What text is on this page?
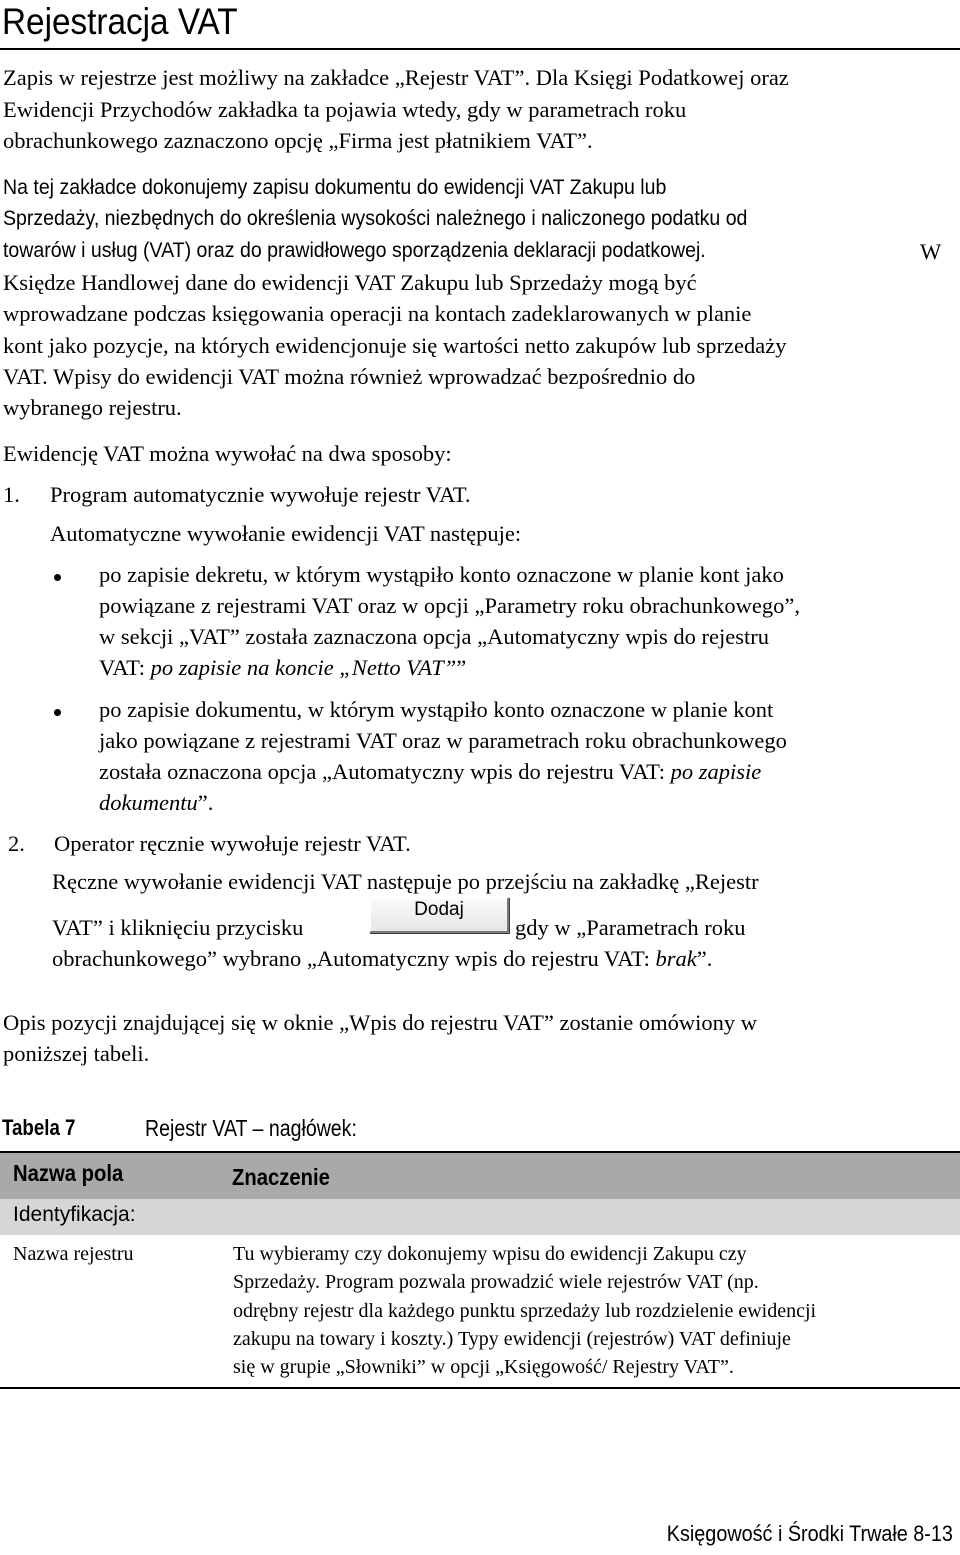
Rejestracja VAT

Zapis w rejestrze jest możliwy na zakładce „Rejestr VAT”. Dla Księgi Podatkowej oraz

Ewidencji Przychodów zakładka ta pojawia wtedy, gdy w parametrach roku

obrachunkowego zaznaczono opcję „Firma jest płatnikiem VAT”.

Na tej zakładce dokonujemy zapisu dokumentu do ewidencji VAT Zakupu lub

Sprzedaży, niezbędnych do określenia wysokości należnego i naliczonego podatku od

towarów i usług (VAT) oraz do prawidłowego sporządzenia deklaracji podatkowej.	W

Księdze Handlowej dane do ewidencji VAT Zakupu lub Sprzedaży mogą być

wprowadzane podczas księgowania operacji na kontach zadeklarowanych w planie

kont jako pozycje, na których ewidencjonuje się wartości netto zakupów lub sprzedaży

VAT. Wpisy do ewidencji VAT można również wprowadzać bezpośrednio do

wybranego rejestru.

Ewidencję VAT można wywołać na dwa sposoby:

1. Program automatycznie wywołuje rejestr VAT.

Automatyczne wywołanie ewidencji VAT następuje:

po zapisie dekretu, w którym wystąpiło konto oznaczone w planie kont jako

powiązane z rejestrami VAT oraz w opcji „Parametry roku obrachunkowego”,

w sekcji „VAT” została zaznaczona opcja „Automatyczny wpis do rejestru

VAT: po zapisie na koncie „Netto VAT””

po zapisie dokumentu, w którym wystąpiło konto oznaczone w planie kont

jako powiązane z rejestrami VAT oraz w parametrach roku obrachunkowego

została oznaczona opcja „Automatyczny wpis do rejestru VAT: po zapisie

dokumentu”.

2. Operator ręcznie wywołuje rejestr VAT.

Ręczne wywołanie ewidencji VAT następuje po przejściu na zakładkę „Rejestr

VAT” i kliknięciu przycisku

Dodaj

gdy w „Parametrach roku

obrachunkowego” wybrano „Automatyczny wpis do rejestru VAT: brak”.

Opis pozycji znajdującej się w oknie „Wpis do rejestru VAT” zostanie omówiony w

poniższej tabeli.

Tabela 7	Rejestr VAT – nagłówek:
Nazwa pola	Znaczenie
Identyfikacja:

Nazwa rejestru	Tu wybieramy czy dokonujemy wpisu do ewidencji Zakupu czy

Sprzedaży. Program pozwala prowadzić wiele rejestrów VAT (np.

odrębny rejestr dla każdego punktu sprzedaży lub rozdzielenie ewidencji

zakupu na towary i koszty.) Typy ewidencji (rejestrów) VAT definiuje

się w grupie „Słowniki” w opcji „Księgowość/ Rejestry VAT”.

Księgowość i Środki Trwałe 8-13
